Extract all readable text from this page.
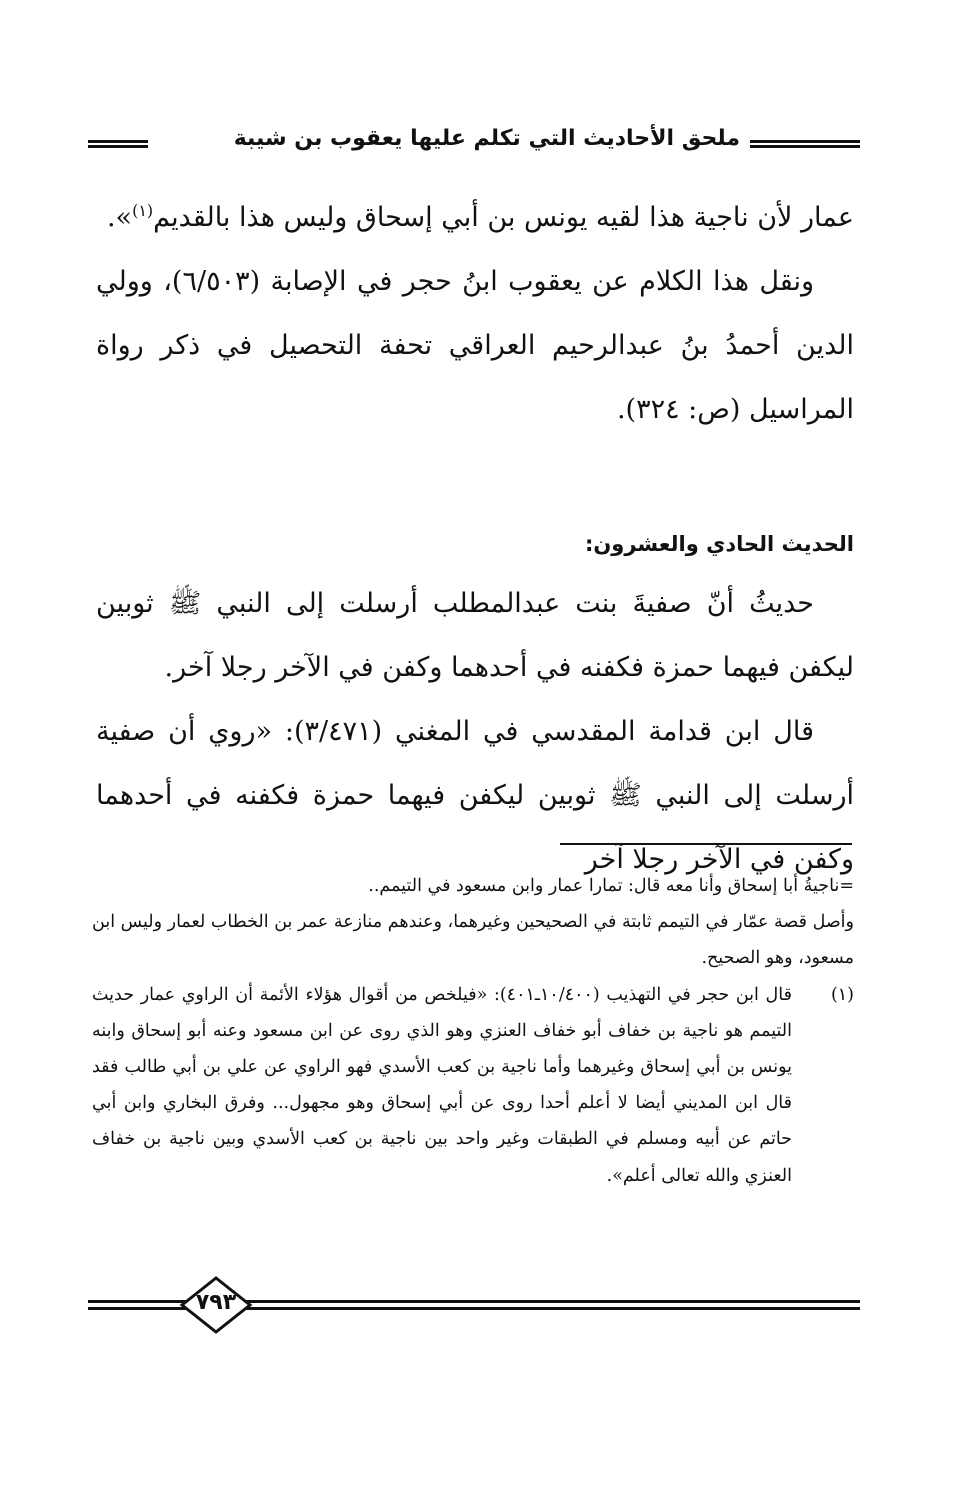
ملحق الأحاديث التي تكلم عليها يعقوب بن شيبة

عمار لأن ناجية هذا لقيه يونس بن أبي إسحاق وليس هذا بالقديم$^{(١)}$».

ونقل هذا الكلام عن يعقوب ابنُ حجر في الإصابة (٦/٥٠٣)، وولي الدين أحمدُ بنُ عبدالرحيم العراقي تحفة التحصيل في ذكر رواة المراسيل (ص: ٣٢٤).

الحديث الحادي والعشرون:

حديثُ أنّ صفيةَ بنت عبدالمطلب أرسلت إلى النبي ﷺ ثوبين ليكفن فيهما حمزة فكفنه في أحدهما وكفن في الآخر رجلا آخر.

قال ابن قدامة المقدسي في المغني (٣/٤٧١): «روي أن صفية أرسلت إلى النبي ﷺ ثوبين ليكفن فيهما حمزة فكفنه في أحدهما وكفن في الآخر رجلا آخر

=ناجيةُ أبا إسحاق وأنا معه قال: تمارا عمار وابن مسعود في التيمم..

وأصل قصة عمّار في التيمم ثابتة في الصحيحين وغيرهما، وعندهم منازعة عمر بن الخطاب لعمار وليس ابن مسعود، وهو الصحيح.

(١)
قال ابن حجر في التهذيب (١٠/٤٠٠ـ٤٠١): «فيلخص من أقوال هؤلاء الأئمة أن الراوي عمار حديث التيمم هو ناجية بن خفاف أبو خفاف العنزي وهو الذي روى عن ابن مسعود وعنه أبو إسحاق وابنه يونس بن أبي إسحاق وغيرهما وأما ناجية بن كعب الأسدي فهو الراوي عن علي بن أبي طالب فقد قال ابن المديني أيضا لا أعلم أحدا روى عن أبي إسحاق وهو مجهول... وفرق البخاري وابن أبي حاتم عن أبيه ومسلم في الطبقات وغير واحد بين ناجية بن كعب الأسدي وبين ناجية بن خفاف العنزي والله تعالى أعلم».
٧٩٣
